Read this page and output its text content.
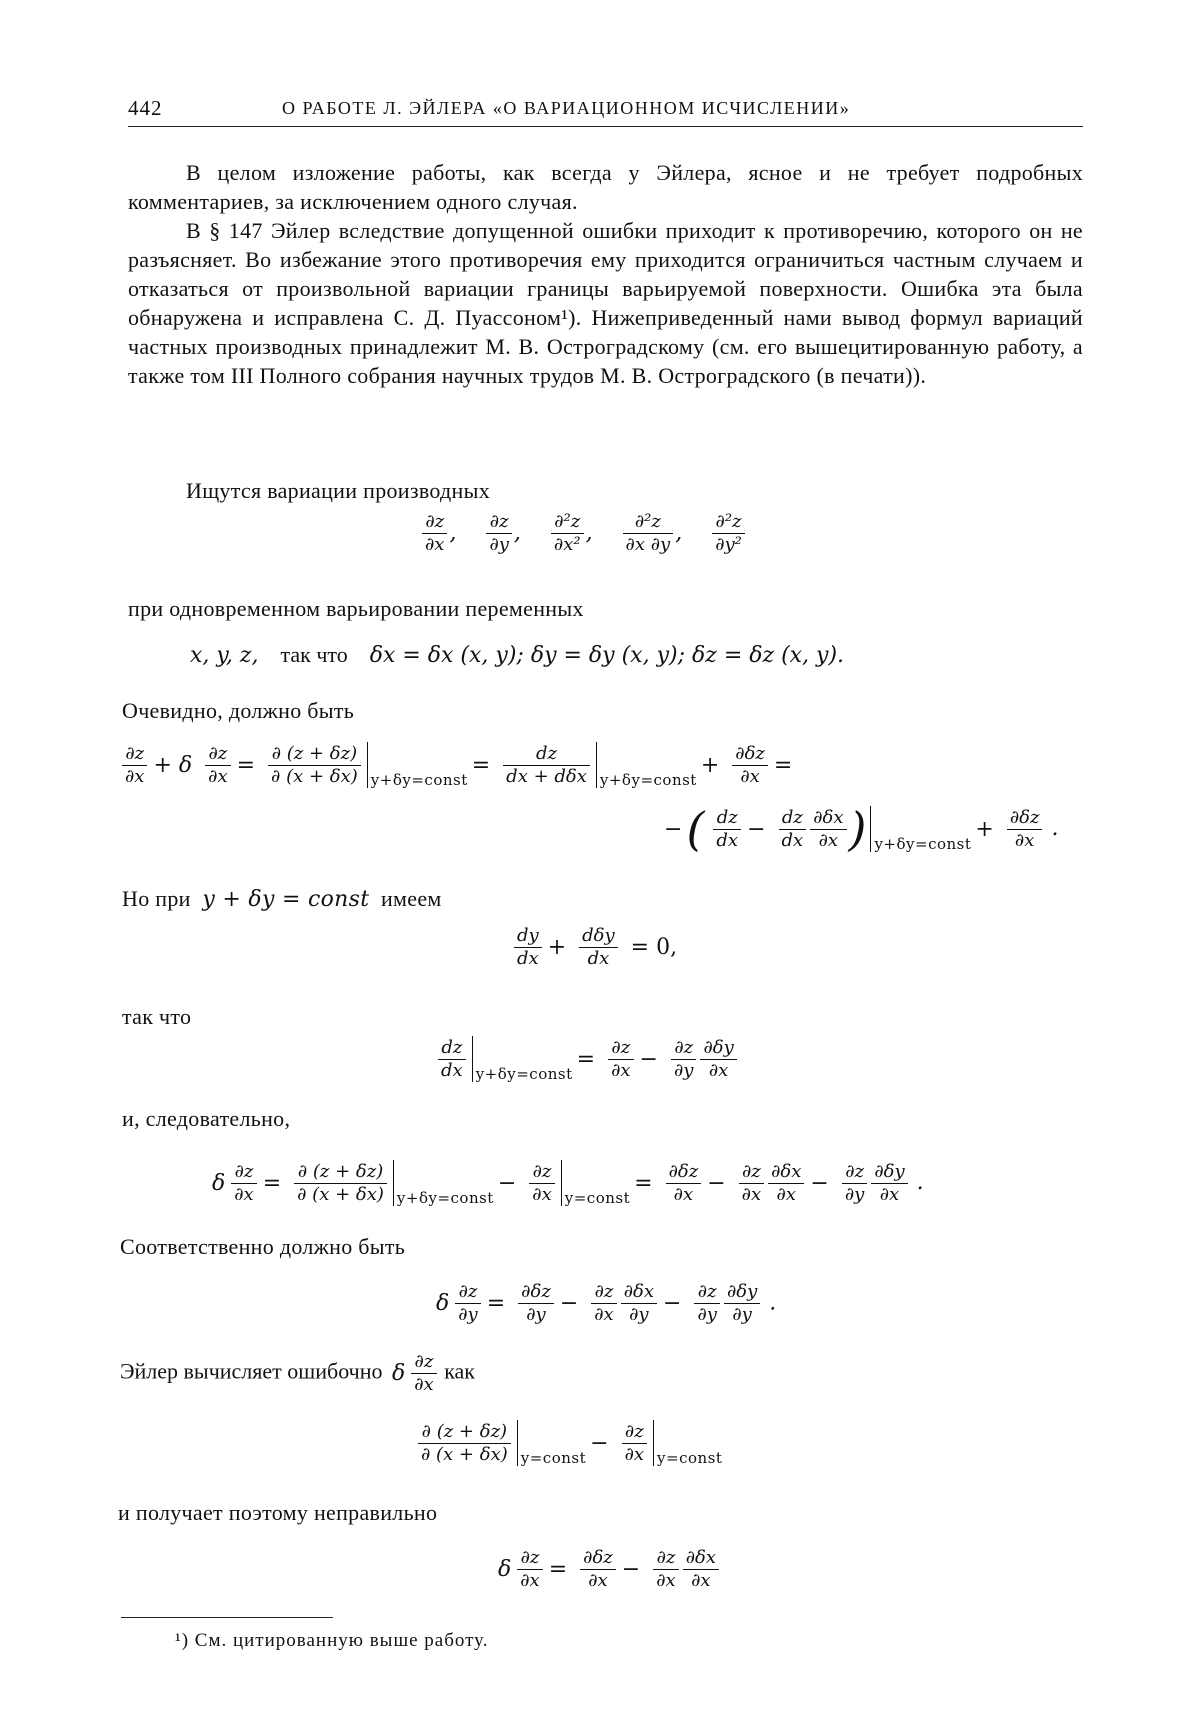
442	О РАБОТЕ Л. ЭЙЛЕРА «О ВАРИАЦИОННОМ ИСЧИСЛЕНИИ»
В целом изложение работы, как всегда у Эйлера, ясное и не требует подробных комментариев, за исключением одного случая.
В § 147 Эйлер вследствие допущенной ошибки приходит к противоречию, которого он не разъясняет. Во избежание этого противоречия ему приходится ограничиться частным случаем и отказаться от произвольной вариации границы варьируемой поверхности. Ошибка эта была обнаружена и исправлена С. Д. Пуассоном¹). Нижеприведенный нами вывод формул вариаций частных производных принадлежит М. В. Остроградскому (см. его вышецитированную работу, а также том III Полного собрания научных трудов М. В. Остроградского (в печати)).
Ищутся вариации производных
$\frac{\partial z}{\partial x}$ , $\frac{\partial z}{\partial y}$ , $\frac{\text{∂²z}}{\text{∂x²}}$ , $\frac{\text{∂²z}}{\partial x \partial y}$ , $\frac{\text{∂²z}}{\text{∂y²}}$
при одновременном варьировании переменных
x, y, z, так что δx = δx (x, y); δy = δy (x, y); δz = δz (x, y).
Очевидно, должно быть
$\frac{\partial z}{\partial x} + \delta \frac{\partial z}{\partial x} = \frac{\partial (z + \delta z)}{\partial (x + \delta x)} _{y+\delta y=const}=$	dz
dx + dδx $_{y+\delta y=const}+ \frac{\partial\delta z}{\partial x}$ =
−( $\frac{dz}{dx} - \frac{dz}{dx} \frac{\partial\delta x}{\partial x}$ ) $_{y+\delta y=const}+ \frac{\partial\delta z}{\partial x}$ .
Но при y + δy = const имеем
$\frac{dy}{dx} + d\delta y$
dx = 0,
так что
$\frac{dz}{dx} _{y+\delta y=const}= \frac{\partial z}{\partial x} - \frac{\partial z}{\partial y} \frac{\partial\delta y}{\partial x}$
и, следовательно,
δ $\frac{\partial z}{\partial x} = \frac{\partial (z + \delta z)}{\partial (x + \delta x)} _{y+\delta y=const}- \frac{\partial z}{\partial x} _{y=const}= \frac{\partial\delta z}{\partial x} - \frac{\partial z}{\partial x} \frac{\partial\delta x}{\partial x} - \frac{\partial z}{\partial y} \frac{\partial\delta y}{\partial x}$ .
Соответственно должно быть
δ $\frac{\partial z}{\partial y} = \frac{\partial\delta z}{\partial y} - \frac{\partial z}{\partial x} \frac{\partial\delta x}{\partial y} - \frac{\partial z}{\partial y} \frac{\partial\delta y}{\partial y}$ .
Эйлер вычисляет ошибочно δ $\frac{\partial z}{\partial x}$ как
$\frac{\partial (z + \delta z)}{\partial (x + \delta x)} _{y=const}- \frac{\partial z}{\partial x} _{y=const}$
и получает поэтому неправильно
δ $\frac{\partial z}{\partial x} = \frac{\partial\delta z}{\partial x} - \frac{\partial z}{\partial x} \frac{\partial\delta x}{\partial x}$
¹) См. цитированную выше работу.
